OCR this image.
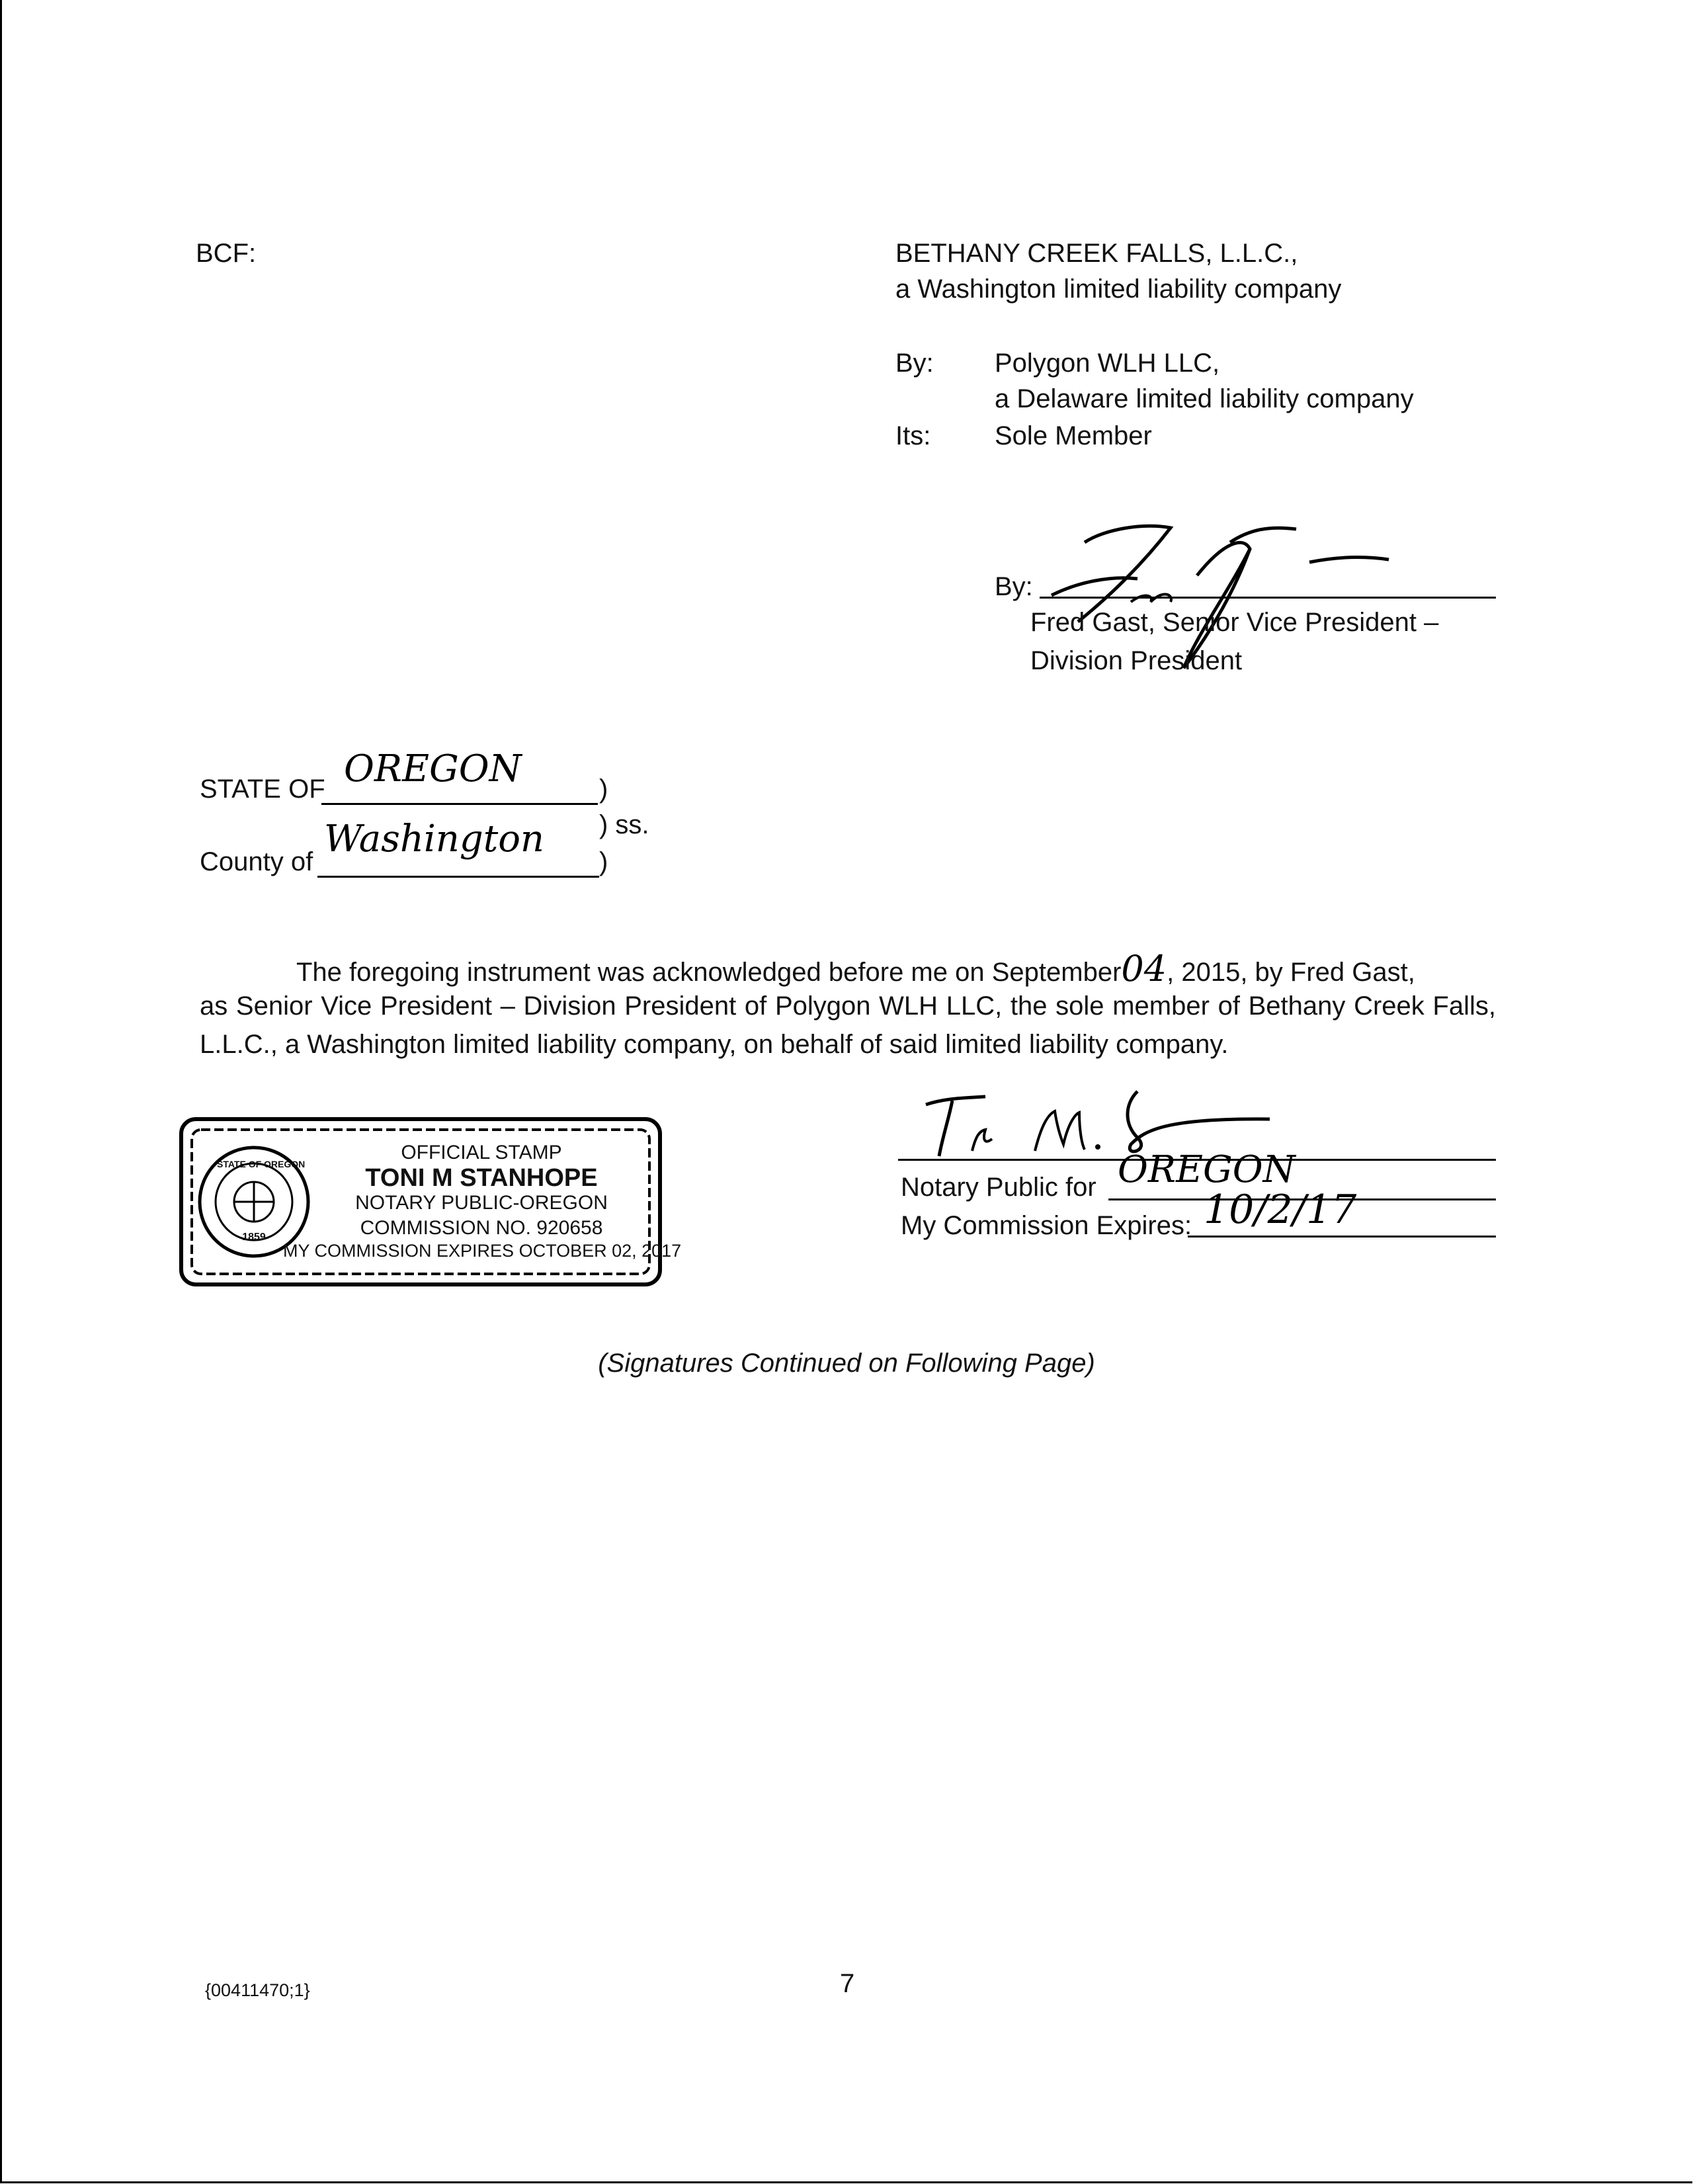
BCF:	BETHANY CREEK FALLS, L.L.C.,
a Washington limited liability company
By: Polygon WLH LLC,
a Delaware limited liability company
Its: Sole Member
By:
Fred Gast, Senior Vice President –
Division President
STATE OF OREGON	)
) ss.
County of
Washington
)
The foregoing instrument was acknowledged before me on September04, 2015, by Fred Gast,
as Senior Vice President – Division President of Polygon WLH LLC, the sole member of Bethany Creek Falls, L.L.C., a Washington limited liability company, on behalf of said limited liability company.
STATE OF OREGON
1859
OFFICIAL STAMP
TONI M STANHOPE
NOTARY PUBLIC-OREGON
COMMISSION NO. 920658
MY COMMISSION EXPIRES OCTOBER 02, 2017
Notary Public for OREGON
My Commission Expires: 10/2/17
(Signatures Continued on Following Page)
{00411470;1}	7
